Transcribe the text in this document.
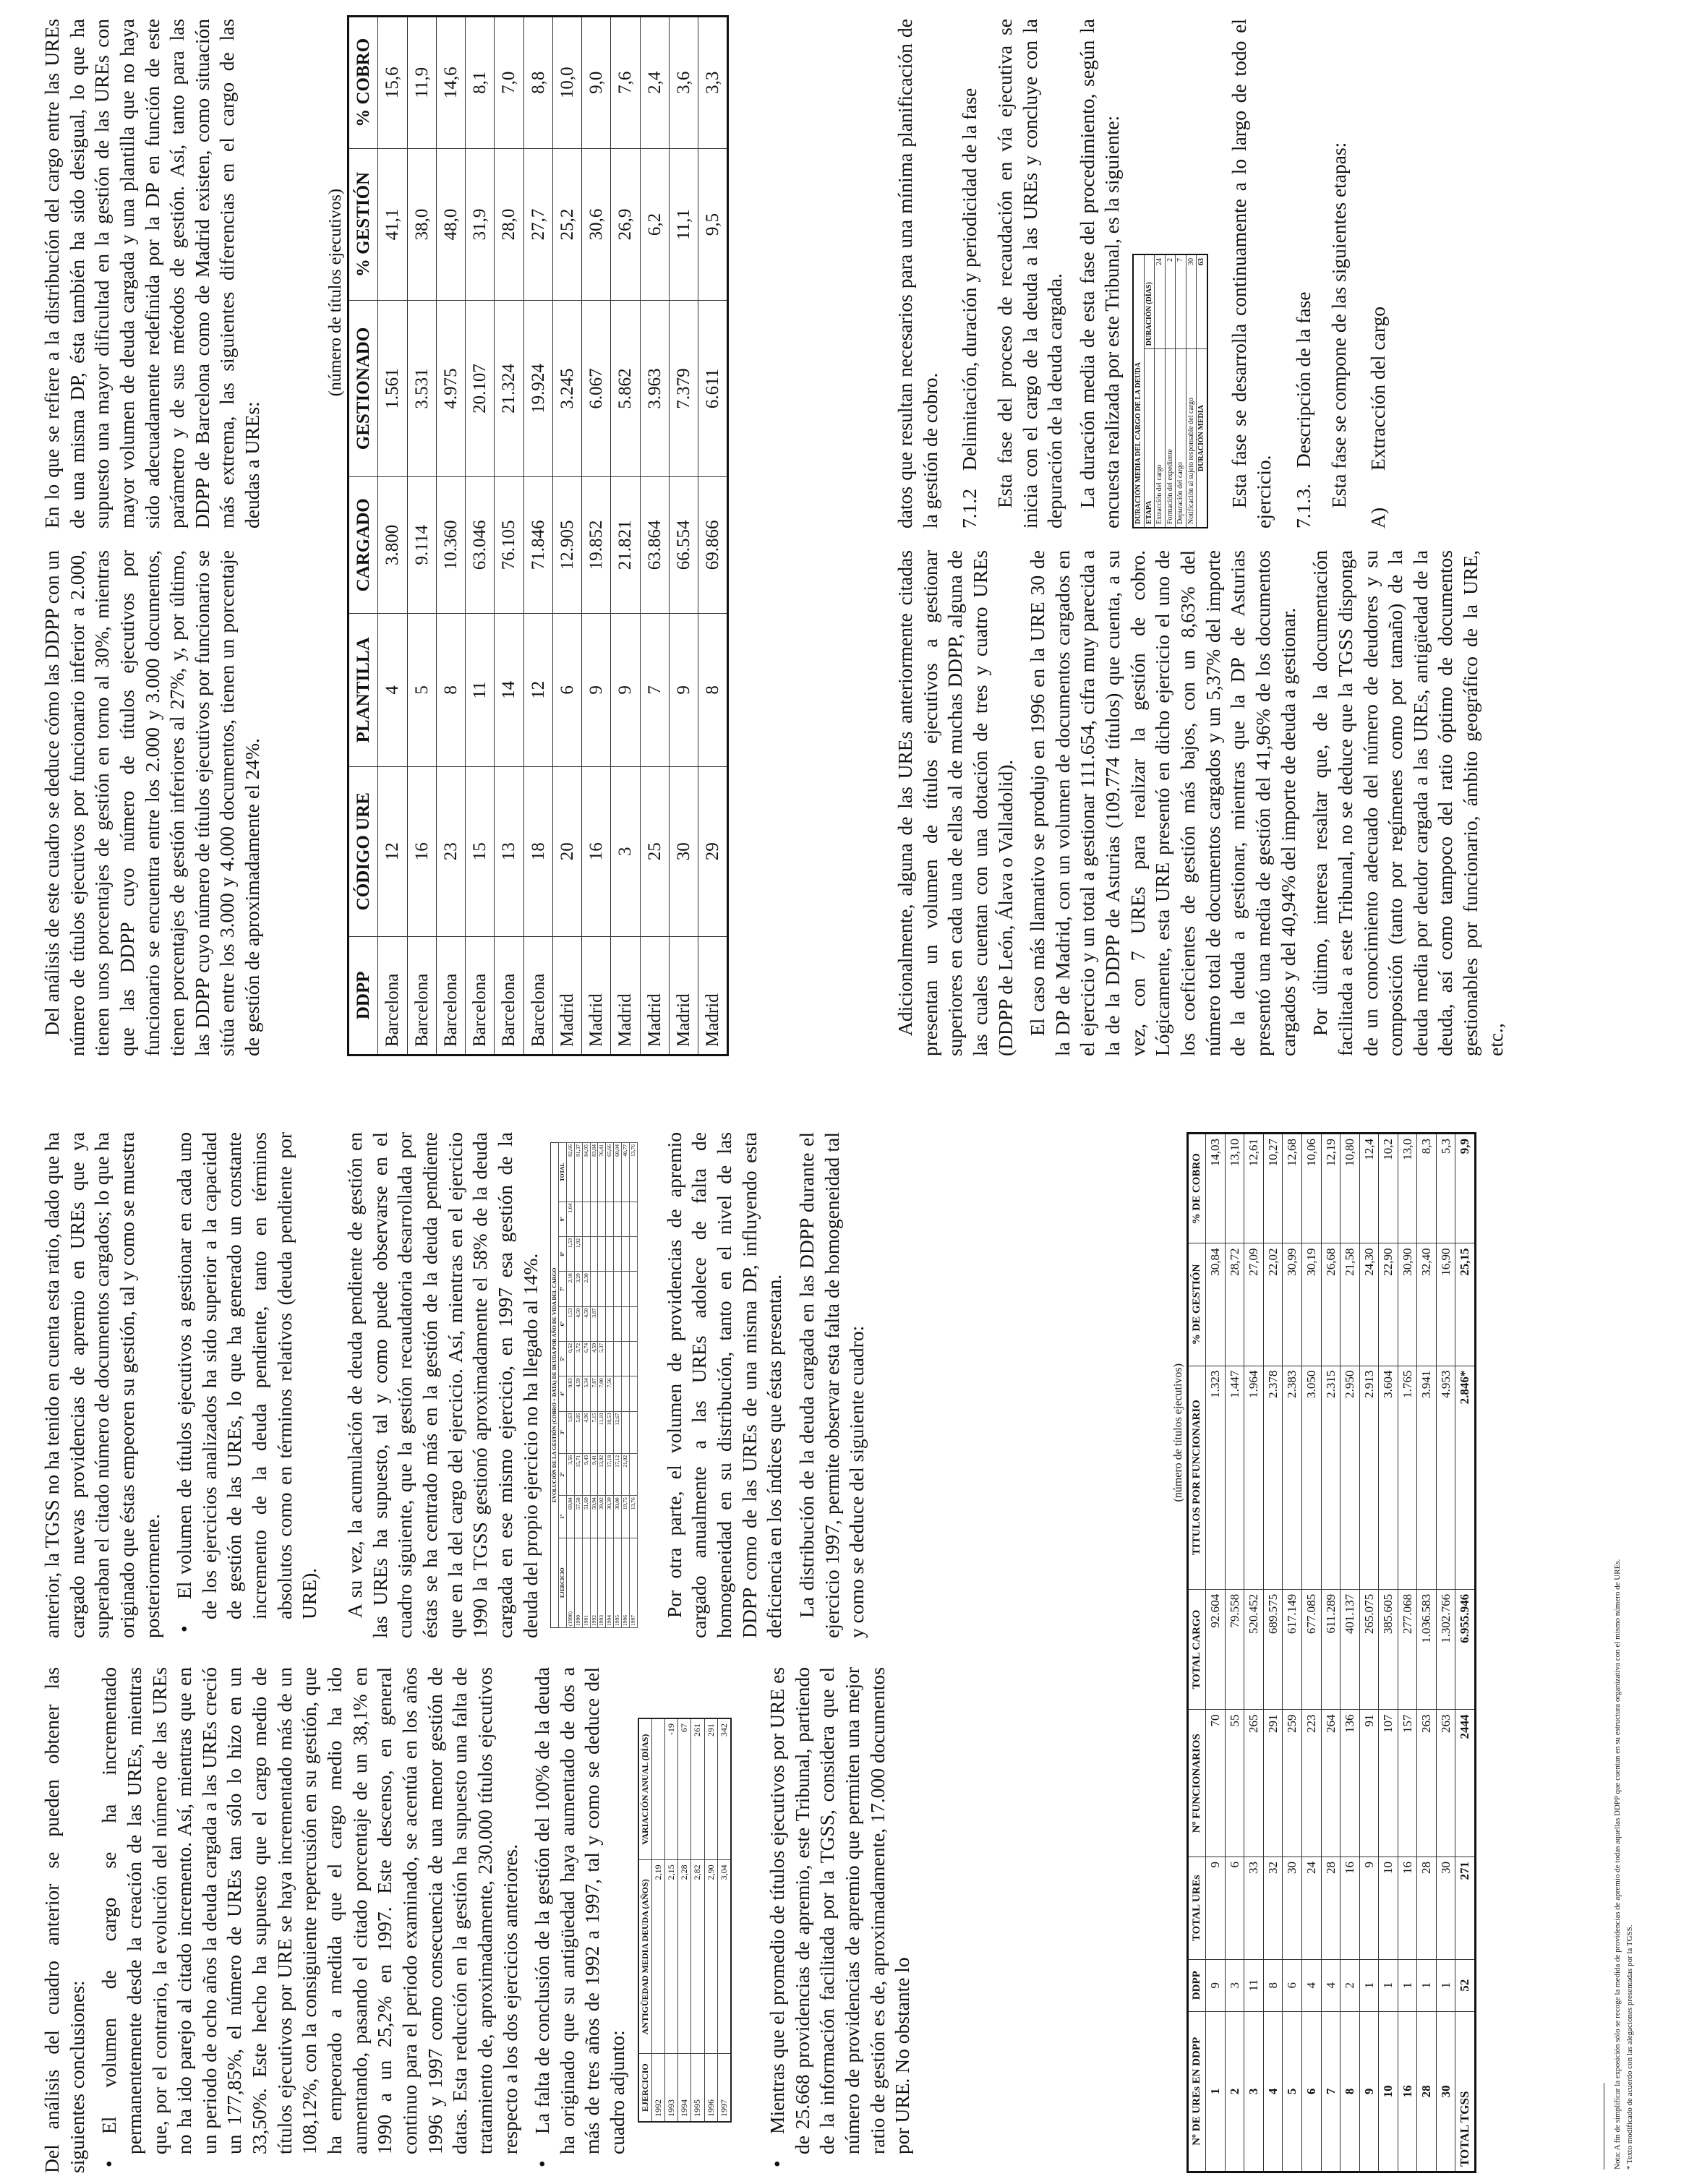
Del análisis del cuadro anterior se pueden obtener las siguientes conclusiones: • El volumen de cargo se ha incrementado permanentemente desde la creación de las UREs, mientras que, por el contrario, la evolución del número de las UREs no ha ido parejo al citado incremento. Así, mientras que en un periodo de ocho años la deuda cargada a las UREs creció un 177,85%, el número de UREs tan sólo lo hizo en un 33,50%. Este hecho ha supuesto que el cargo medio de títulos ejecutivos por URE se haya incrementado más de un 108,12%, con la consiguiente repercusión en su gestión, que ha empeorado a medida que el cargo medio ha ido aumentando, pasando el citado porcentaje de un 38,1% en 1990 a un 25,2% en 1997. Este descenso, en general continuo para el periodo examinado, se acentúa en los años 1996 y 1997 como consecuencia de una menor gestión de datas. Esta reducción en la gestión ha supuesto una falta de tratamiento de, aproximadamente, 230.000 títulos ejecutivos respecto a los dos ejercicios anteriores. • La falta de conclusión de la gestión del 100% de la deuda ha originado que su antigüedad haya aumentado de dos a más de tres años de 1992 a 1997, tal y como se deduce del cuadro adjunto: EJERCICIO	ANTIGÜEDAD MEDIA DEUDA (AÑOS)	VARIACIÓN ANUAL (DÍAS)
1992	2,19	
1993	2,15	-19
1994	2,28	67
1995	2,82	261
1996	2,90	291
1997	3,04	342 • Mientras que el promedio de títulos ejecutivos por URE es de 25.668 providencias de apremio, este Tribunal, partiendo de la información facilitada por la TGSS, considera que el número de providencias de apremio que permiten una mejor ratio de gestión es de, aproximadamente, 17.000 documentos por URE. No obstante lo

anterior, la TGSS no ha tenido en cuenta esta ratio, dado que ha cargado nuevas providencias de apremio en UREs que ya superaban el citado número de documentos cargados; lo que ha originado que éstas empeoren su gestión, tal y como se muestra posteriormente. • El volumen de títulos ejecutivos a gestionar en cada uno de los ejercicios analizados ha sido superior a la capacidad de gestión de las UREs, lo que ha generado un constante incremento de la deuda pendiente, tanto en términos absolutos como en términos relativos (deuda pendiente por URE). A su vez, la acumulación de deuda pendiente de gestión en las UREs ha supuesto, tal y como puede observarse en el cuadro siguiente, que la gestión recaudatoria desarrollada por éstas se ha centrado más en la gestión de la deuda pendiente que en la del cargo del ejercicio. Así, mientras en el ejercicio 1990 la TGSS gestionó aproximadamente el 58% de la deuda cargada en ese mismo ejercicio, en 1997 esa gestión de la deuda del propio ejercicio no ha llegado al 14%.	EVOLUCIÓN DE LA GESTIÓN (COBRO + DATA) DE DEUDA POR AÑO DE VIDA DEL CARGO
EJERCICIO	1º	2º	3º	4º	5º	6º	7º	8º	9º	TOTAL
(1990)	69,84	3,56	1,63	0,83	0,52	1,53	2,18	1,53	1,04	82,66
1990	57,58	15,71	5,05	4,59	3,72	4,50	3,29	1,92		91,37
1991	51,69	9,43	4,96	5,34	6,74	4,50	2,30			84,95
1992	50,94	9,41	7,15	7,87	4,59	3,87				83,84
1993	39,02	13,92	11,10	7,00	5,37					76,41
1994	30,39	17,18	10,53	7,56						65,66
1995	30,08	17,12	12,67							60,04
1996	19,75	21,02								40,77
1997	13,76									13,76 Por otra parte, el volumen de providencias de apremio cargado anualmente a las UREs adolece de falta de homogeneidad en su distribución, tanto en el nivel de las DDPP como de las UREs de una misma DP, influyendo esta deficiencia en los índices que éstas presentan. La distribución de la deuda cargada en las DDPP durante el ejercicio 1997, permite observar esta falta de homogeneidad tal y como se deduce del siguiente cuadro:	(número de títulos ejecutivos)
Nº DE UREs EN DDPP	DDPP	TOTAL UREs	Nº FUNCIONARIOS	TOTAL CARGO	TITULOS POR FUNCIONARIO	% DE GESTIÓN	% DE COBRO
1	9	9	70	92.604	1.323	30,84	14,03
2	3	6	55	79.558	1.447	28,72	13,10
3	11	33	265	520.452	1.964	27,09	12,61
4	8	32	291	689.575	2.378	22,02	10,27
5	6	30	259	617.149	2.383	30,99	12,68
6	4	24	223	677.085	3.050	30,19	10,06
7	4	28	264	611.289	2.315	26,68	12,19
8	2	16	136	401.137	2.950	21,58	10,80
9	1	9	91	265.075	2.913	24,30	12,4
10	1	10	107	385.605	3.604	22,90	10,2
16	1	16	157	277.068	1.765	30,90	13,0
28	1	28	263	1.036.583	3.941	32,40	8,3
30	1	30	263	1.302.766	4.953	16,90	5,3
TOTAL TGSS	52	271	2444	6.955.946	2.846*	25,15	9,9

Del análisis de este cuadro se deduce cómo las DDPP con un número de títulos ejecutivos por funcionario inferior a 2.000, tienen unos porcentajes de gestión en torno al 30%, mientras que las DDPP cuyo número de títulos ejecutivos por funcionario se encuentra entre los 2.000 y 3.000 documentos, tienen porcentajes de gestión inferiores al 27%, y, por último, las DDPP cuyo número de títulos ejecutivos por funcionario se sitúa entre los 3.000 y 4.000 documentos, tienen un porcentaje de gestión de aproximadamente el 24%.	Adicionalmente, alguna de las UREs anteriormente citadas presentan un volumen de títulos ejecutivos a gestionar superiores en cada una de ellas al de muchas DDPP, alguna de las cuales cuentan con una dotación de tres y cuatro UREs (DDPP de León, Álava o Valladolid). El caso más llamativo se produjo en 1996 en la URE 30 de la DP de Madrid, con un volumen de documentos cargados en el ejercicio y un total a gestionar 111.654, cifra muy parecida a la de la DDPP de Asturias (109.774 títulos) que cuenta, a su vez, con 7 UREs para realizar la gestión de cobro. Lógicamente, esta URE presentó en dicho ejercicio el uno de los coeficientes de gestión más bajos, con un 8,63% del número total de documentos cargados y un 5,37% del importe de la deuda a gestionar, mientras que la DP de Asturias presentó una media de gestión del 41,96% de los documentos cargados y del 40,94% del importe de deuda a gestionar. Por último, interesa resaltar que, de la documentación facilitada a este Tribunal, no se deduce que la TGSS disponga de un conocimiento adecuado del número de deudores y su composición (tanto por regímenes como por tamaño) de la deuda media por deudor cargada a las UREs, antigüedad de la deuda, así como tampoco del ratio óptimo de documentos gestionables por funcionario, ámbito geográfico de la URE, etc.,

En lo que se refiere a la distribución del cargo entre las UREs de una misma DP, ésta también ha sido desigual, lo que ha supuesto una mayor dificultad en la gestión de las UREs con mayor volumen de deuda cargada y una plantilla que no haya sido adecuadamente redefinida por la DP en función de este parámetro y de sus métodos de gestión. Así, tanto para las DDPP de Barcelona como de Madrid existen, como situación más extrema, las siguientes diferencias en el cargo de las deudas a UREs:

(número de títulos ejecutivos)
DDPP	CÓDIGO URE	PLANTILLA	CARGADO	GESTIONADO	% GESTIÓN	% COBRO
Barcelona	12	4	3.800	1.561	41,1	15,6
Barcelona	16	5	9.114	3.531	38,0	11,9
Barcelona	23	8	10.360	4.975	48,0	14,6
Barcelona	15	11	63.046	20.107	31,9	8,1
Barcelona	13	14	76.105	21.324	28,0	7,0
Barcelona	18	12	71.846	19.924	27,7	8,8
Madrid	20	6	12.905	3.245	25,2	10,0
Madrid	16	9	19.852	6.067	30,6	9,0
Madrid	3	9	21.821	5.862	26,9	7,6
Madrid	25	7	63.864	3.963	6,2	2,4
Madrid	30	9	66.554	7.379	11,1	3,6
Madrid	29	8	69.866	6.611	9,5	3,3	datos que resultan necesarios para una mínima planificación de la gestión de cobro. 7.1.2
Delimitación, duración y periodicidad de la fase Esta fase del proceso de recaudación en vía ejecutiva se inicia con el cargo de la deuda a las UREs y concluye con la depuración de la deuda cargada. La duración media de esta fase del procedimiento, según la encuesta realizada por este Tribunal, es la siguiente: DURACIÓN MEDIA DEL CARGO DE LA DEUDA	
ETAPA	DURACIÓN (DÍAS)
Extracción del cargo	24
Formación del expediente	2
Depuración del cargo	7
Notificación al sujeto responsable del cargo	30
DURACIÓN MEDIA	63 Esta fase se desarrolla continuamente a lo largo de todo el ejercicio. 7.1.3.
Descripción de la fase Esta fase se compone de las siguientes etapas:

A)
Extracción del cargo
Nota: A fin de simplificar la exposición sólo se recoge la medida de providencias de apremio de todas aquellas DDPP que cuentan en su estructura organizativa con el mismo número de UREs. * Texto modificado de acuerdo con las alegaciones presentadas por la TGSS.
